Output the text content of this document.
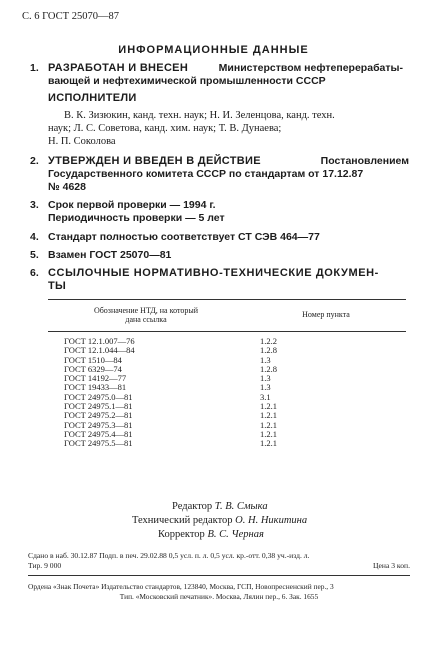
С. 6 ГОСТ 25070—87
ИНФОРМАЦИОННЫЕ ДАННЫЕ
1. РАЗРАБОТАН И ВНЕСЕН	Министерством нефтеперерабаты-
вающей и нефтехимической промышленности СССР
ИСПОЛНИТЕЛИ
В. К. Зизюкин, канд. техн. наук; Н. И. Зеленцова, канд. техн.
наук; Л. С. Советова, канд. хим. наук; Т. В. Дунаева;
Н. П. Соколова
2. УТВЕРЖДЕН И ВВЕДЕН В ДЕЙСТВИЕ	Постановлением
Государственного комитета СССР по стандартам от 17.12.87
№ 4628
3. Срок первой проверки — 1994 г.
Периодичность проверки — 5 лет
4. Стандарт полностью соответствует СТ СЭВ 464—77
5. Взамен ГОСТ 25070—81
6. ССЫЛОЧНЫЕ НОРМАТИВНО-ТЕХНИЧЕСКИЕ ДОКУМЕН-
ТЫ
Обозначение НТД, на который
дана ссылка
Номер пункта
ГОСТ 12.1.007—76	1.2.2
ГОСТ 12.1.044—84	1.2.8
ГОСТ 1510—84	1.3
ГОСТ 6329—74	1.2.8
ГОСТ 14192—77	1.3
ГОСТ 19433—81	1.3
ГОСТ 24975.0—81	3.1
ГОСТ 24975.1—81	1.2.1
ГОСТ 24975.2—81	1.2.1
ГОСТ 24975.3—81	1.2.1
ГОСТ 24975.4—81	1.2.1
ГОСТ 24975.5—81	1.2.1
Редактор Т. В. Смыка
Технический редактор О. Н. Никитина
Корректор В. С. Черная
Сдано в наб. 30.12.87 Подп. в печ. 29.02.88 0,5 усл. п. л. 0,5 усл. кр.-отт. 0,38 уч.-изд. л.
Тир. 9 000	Цена 3 коп.
Ордена «Знак Почета» Издательство стандартов, 123840, Москва, ГСП, Новопресненский пер., 3
Тип. «Московский печатник». Москва, Лялин пер., 6. Зак. 1655
